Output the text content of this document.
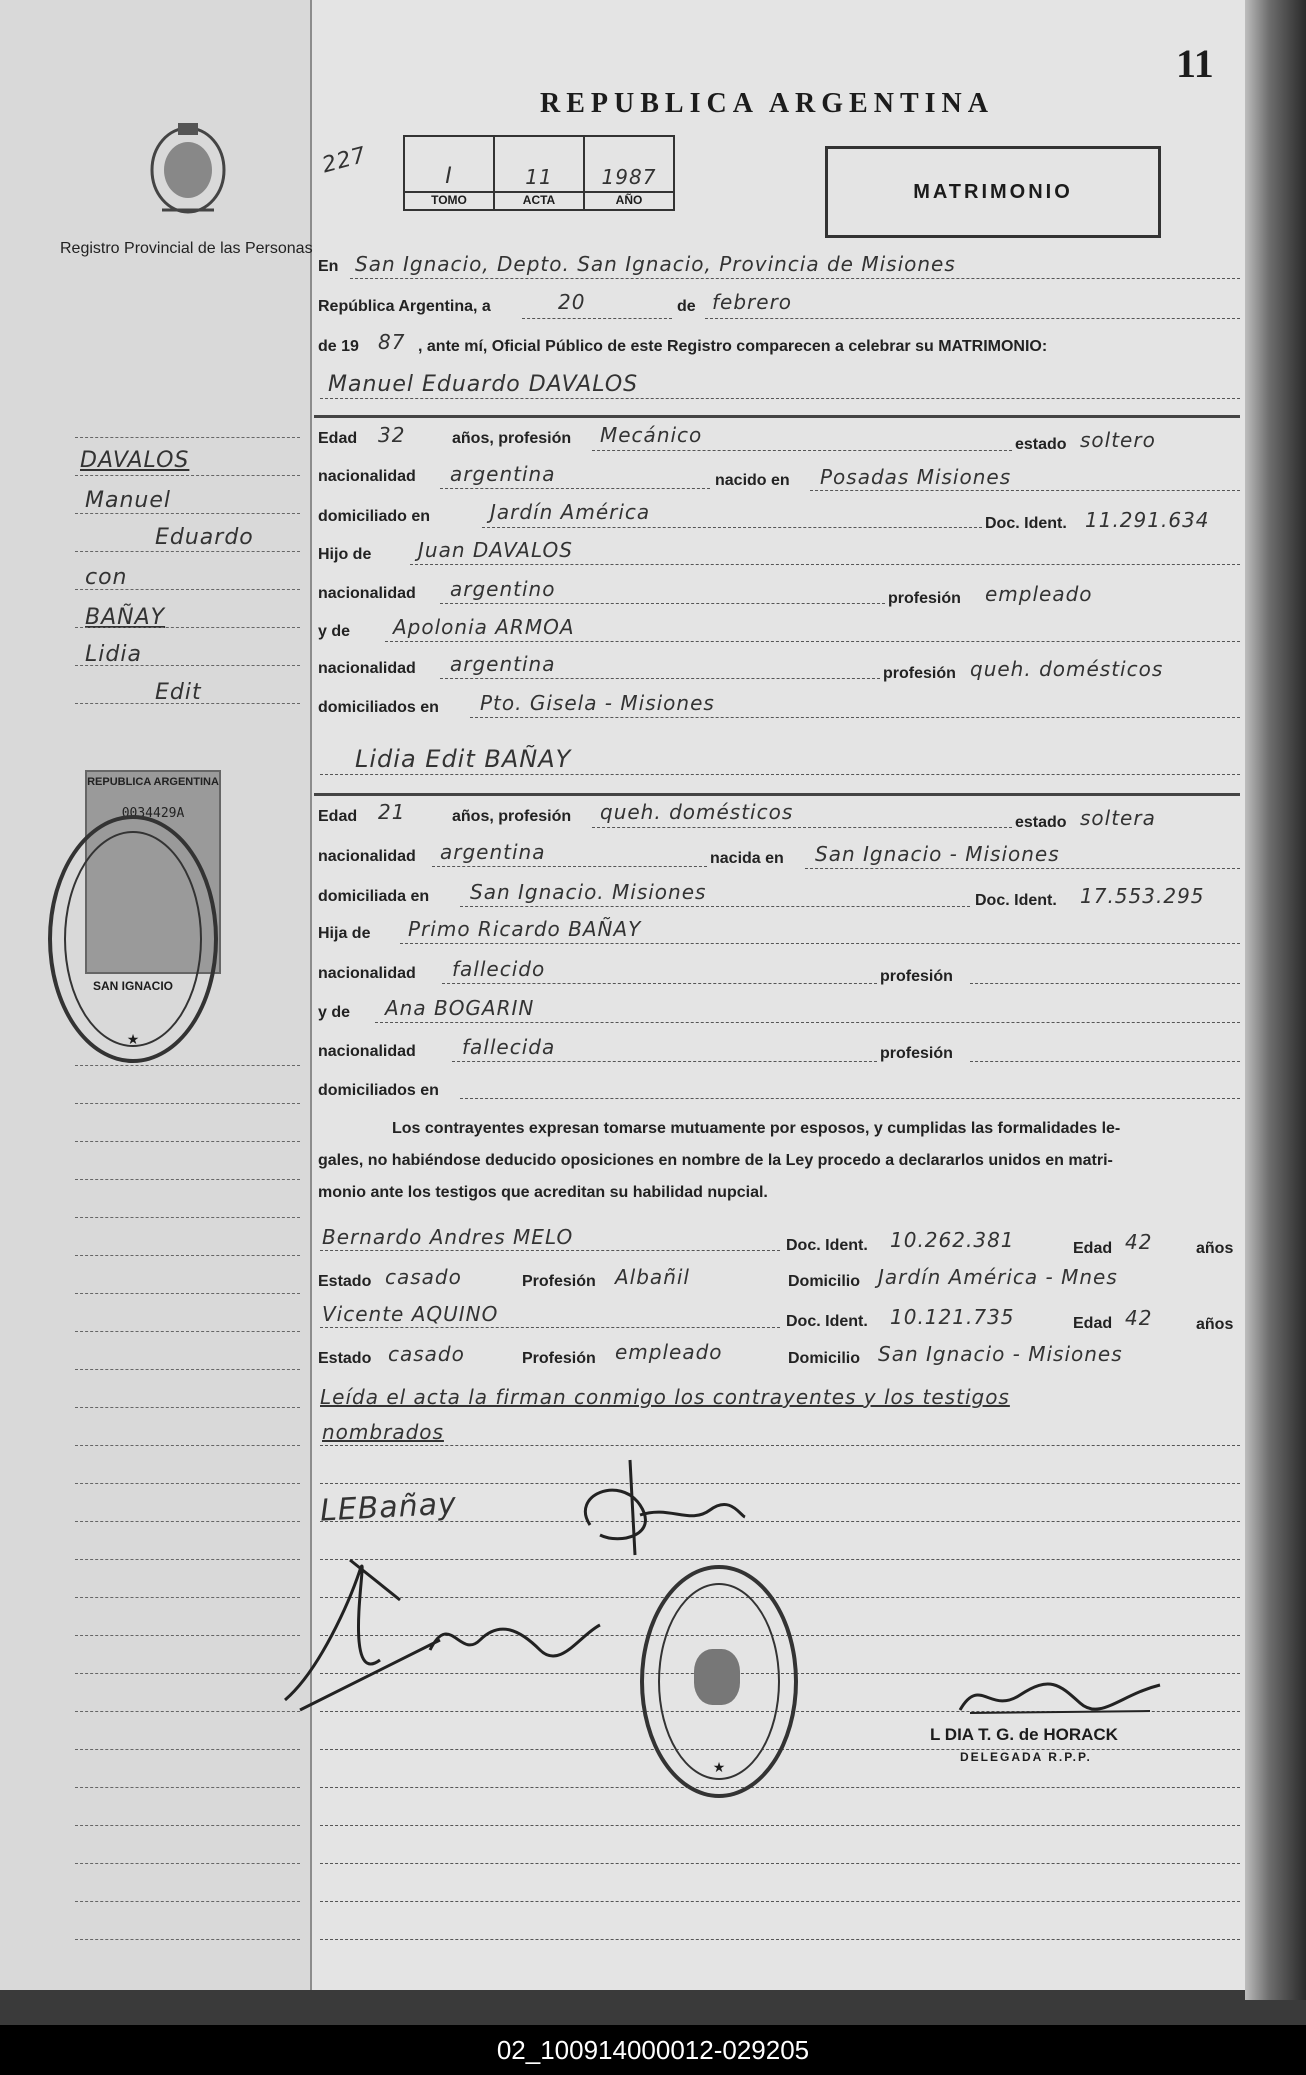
Registro Provincial de las Personas
DAVALOS
Manuel
Eduardo
con
BAÑAY
Lidia
Edit
REPUBLICA ARGENTINA
0034429A
SAN IGNACIO
★
11
REPUBLICA ARGENTINA
227	I	11	1987
TOMO	ACTA	AÑO	MATRIMONIO
En San Ignacio, Depto. San Ignacio, Provincia de Misiones
República Argentina, a	20	de febrero
de 19 87 , ante mí, Oficial Público de este Registro comparecen a celebrar su MATRIMONIO:
Manuel Eduardo DAVALOS
Edad 32	años, profesión Mecánico	estado soltero
nacionalidad argentina	nacido en Posadas Misiones
domiciliado en	Jardín América	Doc. Ident. 11.291.634
Hijo de Juan DAVALOS
nacionalidad argentino	profesión empleado
y de Apolonia ARMOA
nacionalidad argentina	profesión queh. domésticos
domiciliados en Pto. Gisela - Misiones
Lidia Edit BAÑAY
Edad 21	años, profesión queh. domésticos	estado soltera
nacionalidad argentina	nacida en San Ignacio - Misiones
domiciliada en San Ignacio. Misiones	Doc. Ident. 17.553.295
Hija de Primo Ricardo BAÑAY
nacionalidad fallecido	profesión
y de Ana BOGARIN
nacionalidad fallecida	profesión
domiciliados en
Los contrayentes expresan tomarse mutuamente por esposos, y cumplidas las formalidades le-
gales, no habiéndose deducido oposiciones en nombre de la Ley procedo a declararlos unidos en matri-
monio ante los testigos que acreditan su habilidad nupcial.
Bernardo Andres MELO	Doc. Ident. 10.262.381	Edad 42	años
Estado casado	Profesión Albañil	Domicilio Jardín América - Mnes
Vicente AQUINO	Doc. Ident. 10.121.735	Edad 42	años
Estado casado	Profesión empleado	Domicilio San Ignacio - Misiones
Leída el acta la firman conmigo los contrayentes y los testigos
nombrados
LEBañay
★
L DIA T. G. de HORACK
DELEGADA R.P.P.
02_100914000012-029205
